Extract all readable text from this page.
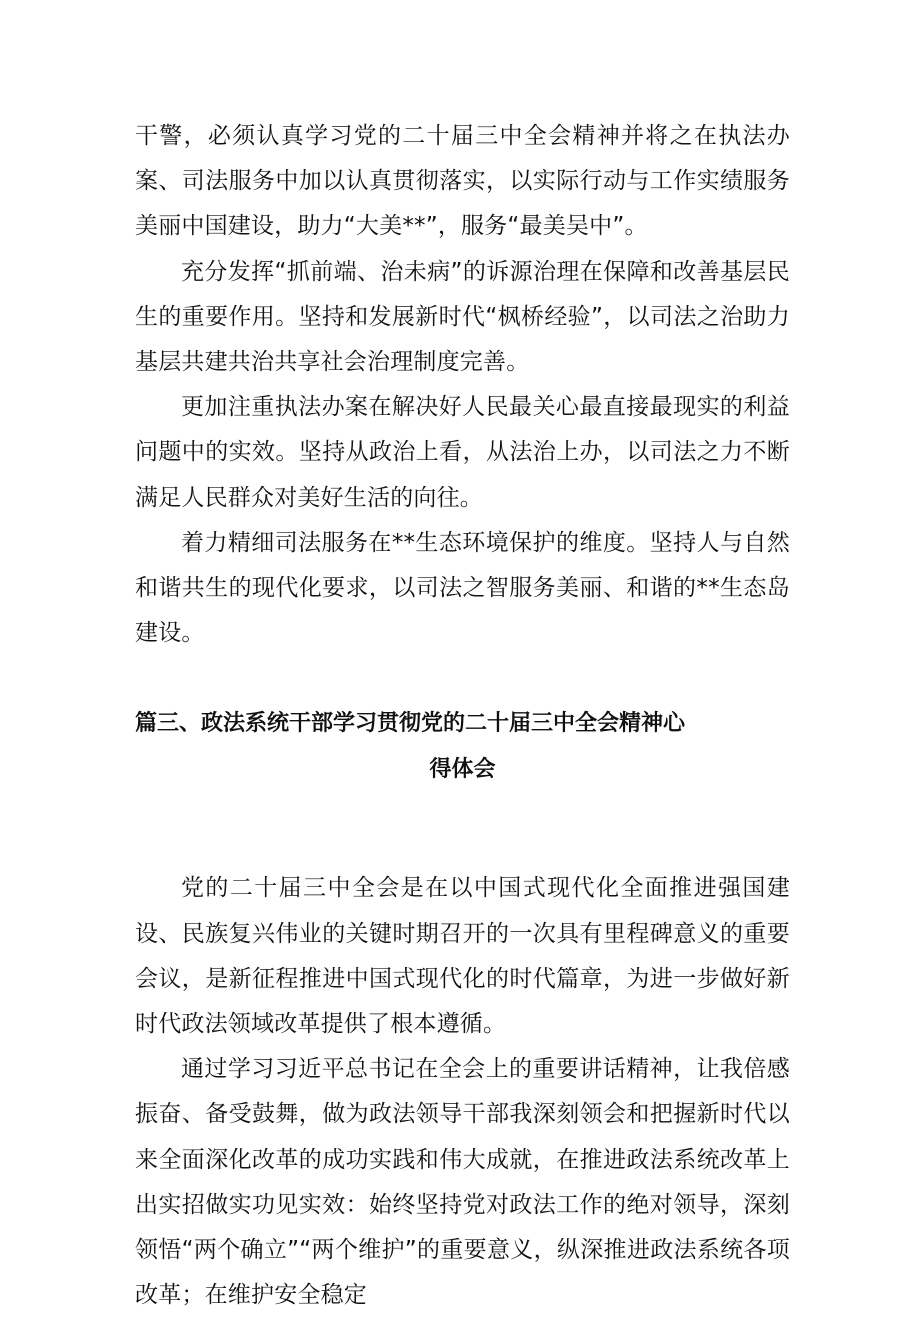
干警，必须认真学习党的二十届三中全会精神并将之在执法办案、司法服务中加以认真贯彻落实，以实际行动与工作实绩服务美丽中国建设，助力“大美**”，服务“最美吴中”。

充分发挥“抓前端、治未病”的诉源治理在保障和改善基层民生的重要作用。坚持和发展新时代“枫桥经验”，以司法之治助力基层共建共治共享社会治理制度完善。

更加注重执法办案在解决好人民最关心最直接最现实的利益问题中的实效。坚持从政治上看，从法治上办，以司法之力不断满足人民群众对美好生活的向往。

着力精细司法服务在**生态环境保护的维度。坚持人与自然和谐共生的现代化要求，以司法之智服务美丽、和谐的**生态岛建设。

篇三、政法系统干部学习贯彻党的二十届三中全会精神心
得体会

党的二十届三中全会是在以中国式现代化全面推进强国建设、民族复兴伟业的关键时期召开的一次具有里程碑意义的重要会议，是新征程推进中国式现代化的时代篇章，为进一步做好新时代政法领域改革提供了根本遵循。

通过学习习近平总书记在全会上的重要讲话精神，让我倍感振奋、备受鼓舞，做为政法领导干部我深刻领会和把握新时代以来全面深化改革的成功实践和伟大成就，在推进政法系统改革上出实招做实功见实效：始终坚持党对政法工作的绝对领导，深刻领悟“两个确立”“两个维护”的重要意义，纵深推进政法系统各项改革；在维护安全稳定
